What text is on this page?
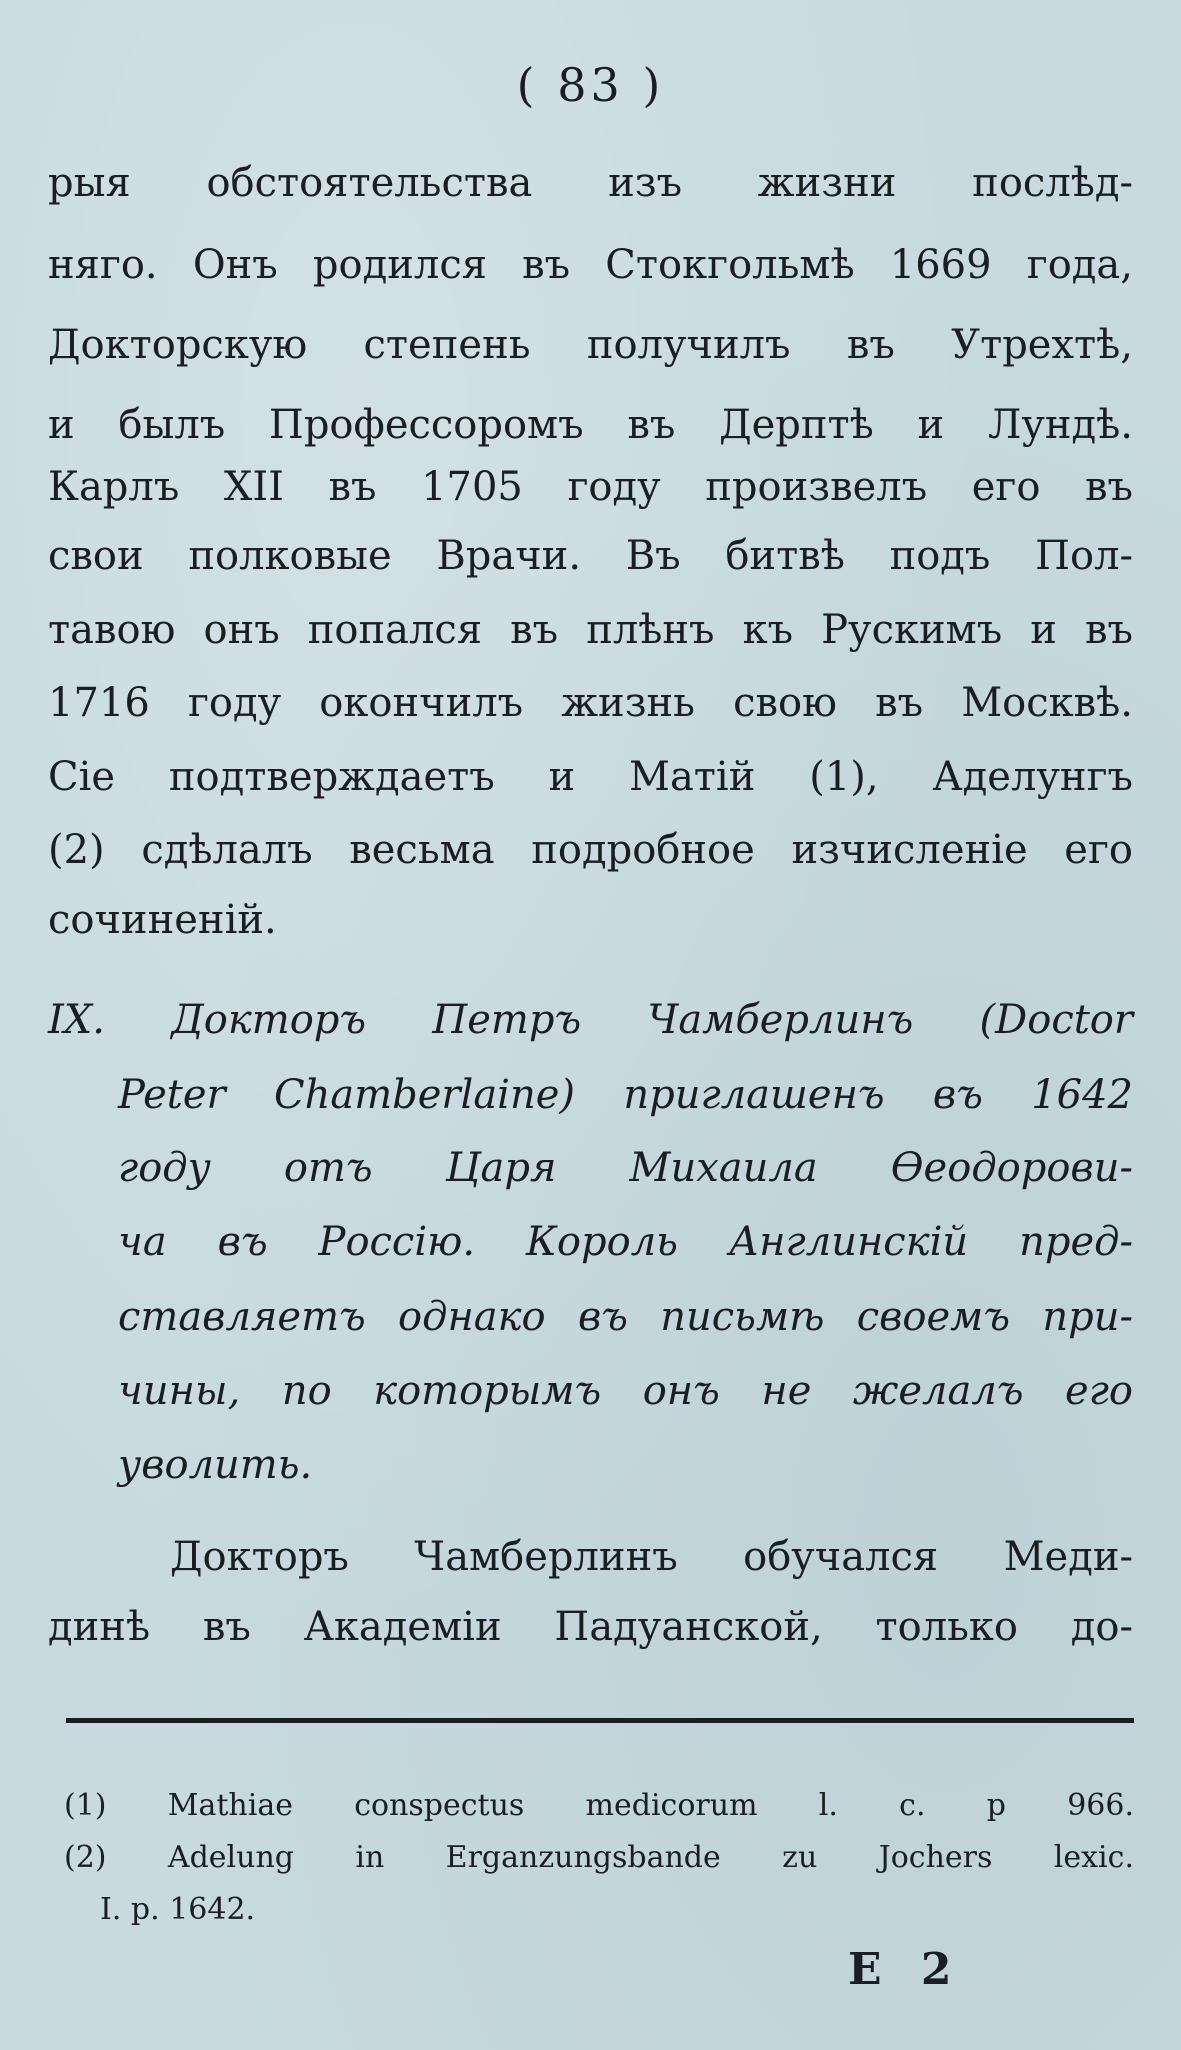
( 83 )
рыя обстоятельства изъ жизни послѣд-
няго. Онъ родился въ Стокгольмѣ 1669 года,
Докторскую степень получилъ въ Утрехтѣ,
и былъ Профессоромъ въ Дерптѣ и Лундѣ.
Карлъ XII въ 1705 году произвелъ его въ
свои полковые Врачи. Въ битвѣ подъ Пол-
тавою онъ попался въ плѣнъ къ Рускимъ и въ
1716 году окончилъ жизнь свою въ Москвѣ.
Сіе подтверждаетъ и Матій (1), Аделунгъ
(2) сдѣлалъ весьма подробное изчисленіе его
сочиненій.
IX. Докторъ Петръ Чамберлинъ (Doctor
Peter Chamberlaine) приглашенъ въ 1642
году отъ Царя Михаила Ѳеодорови-
ча въ Россію. Король Англинскій пред-
ставляетъ однако въ письмѣ своемъ при-
чины, по которымъ онъ не желалъ его
уволить.
Докторъ Чамберлинъ обучался Меди-
динѣ въ Академіи Падуанской, только до-
(1) Mathiae conspectus medicorum l. c. p 966.
(2) Adelung in Erganzungsbande zu Jochers lexic.
I. p. 1642.
Е 2
